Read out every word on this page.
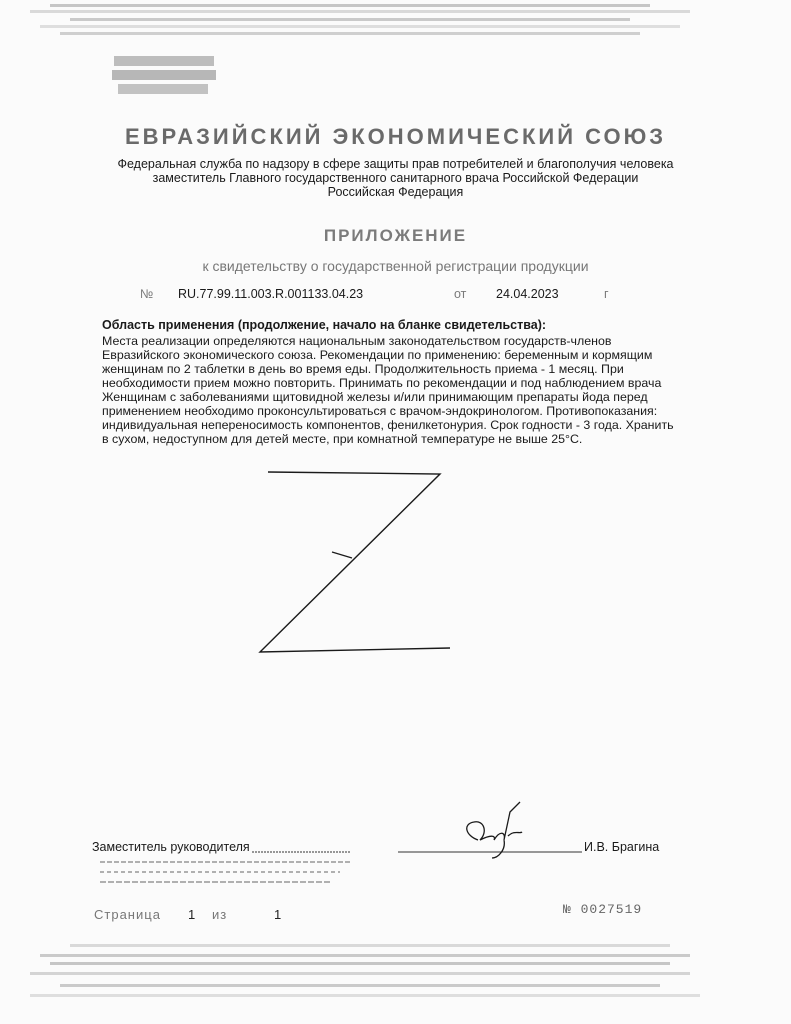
ЕВРАЗИЙСКИЙ ЭКОНОМИЧЕСКИЙ СОЮЗ
Федеральная служба по надзору в сфере защиты прав потребителей и благополучия человека
заместитель Главного государственного санитарного врача Российской Федерации
Российская Федерация
ПРИЛОЖЕНИЕ
к свидетельству о государственной регистрации продукции
№ RU.77.99.11.003.R.001133.04.23	от 24.04.2023	г
Область применения (продолжение, начало на бланке свидетельства):
Места реализации определяются национальным законодательством государств-членов
Евразийского экономического союза. Рекомендации по применению: беременным и кормящим
женщинам по 2 таблетки в день во время еды. Продолжительность приема - 1 месяц. При
необходимости прием можно повторить. Принимать по рекомендации и под наблюдением врача
Женщинам с заболеваниями щитовидной железы и/или принимающим препараты йода перед
применением необходимо проконсультироваться с врачом-эндокринологом. Противопоказания:
индивидуальная непереносимость компонентов, фенилкетонурия. Срок годности - 3 года. Хранить
в сухом, недоступном для детей месте, при комнатной температуре не выше 25°C.
Заместитель руководителя	И.В. Брагина
Страница 1 из	1	№ 0027519
